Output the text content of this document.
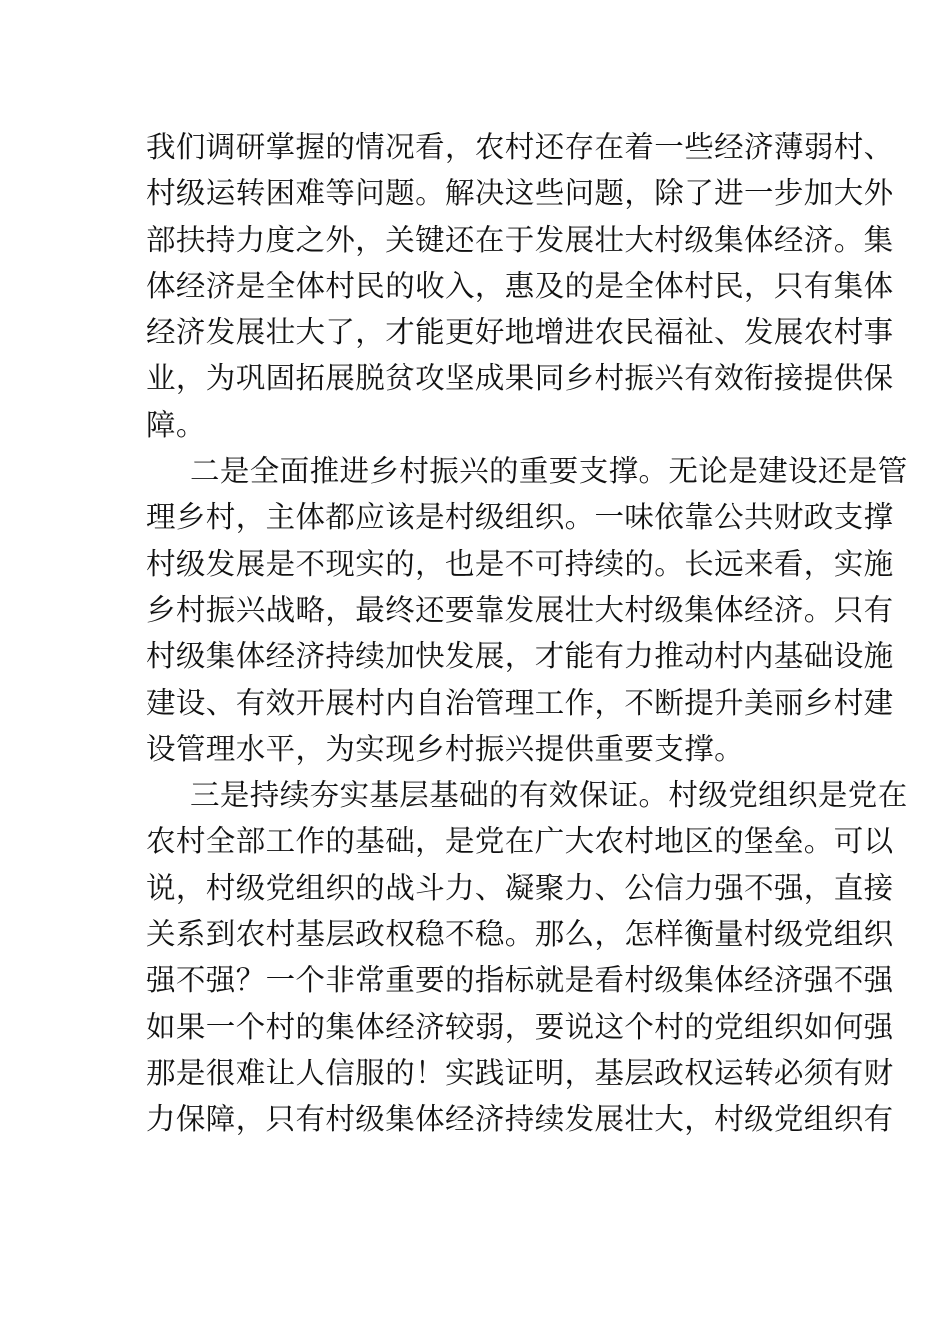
我们调研掌握的情况看，农村还存在着一些经济薄弱村、
村级运转困难等问题。解决这些问题，除了进一步加大外
部扶持力度之外，关键还在于发展壮大村级集体经济。集
体经济是全体村民的收入，惠及的是全体村民，只有集体
经济发展壮大了，才能更好地增进农民福祉、发展农村事
业，为巩固拓展脱贫攻坚成果同乡村振兴有效衔接提供保
障。
二是全面推进乡村振兴的重要支撑。无论是建设还是管
理乡村，主体都应该是村级组织。一味依靠公共财政支撑
村级发展是不现实的，也是不可持续的。长远来看，实施
乡村振兴战略，最终还要靠发展壮大村级集体经济。只有
村级集体经济持续加快发展，才能有力推动村内基础设施
建设、有效开展村内自治管理工作，不断提升美丽乡村建
设管理水平，为实现乡村振兴提供重要支撑。
三是持续夯实基层基础的有效保证。村级党组织是党在
农村全部工作的基础，是党在广大农村地区的堡垒。可以
说，村级党组织的战斗力、凝聚力、公信力强不强，直接
关系到农村基层政权稳不稳。那么，怎样衡量村级党组织
强不强？一个非常重要的指标就是看村级集体经济强不强
如果一个村的集体经济较弱，要说这个村的党组织如何强
那是很难让人信服的！实践证明，基层政权运转必须有财
力保障，只有村级集体经济持续发展壮大，村级党组织有
